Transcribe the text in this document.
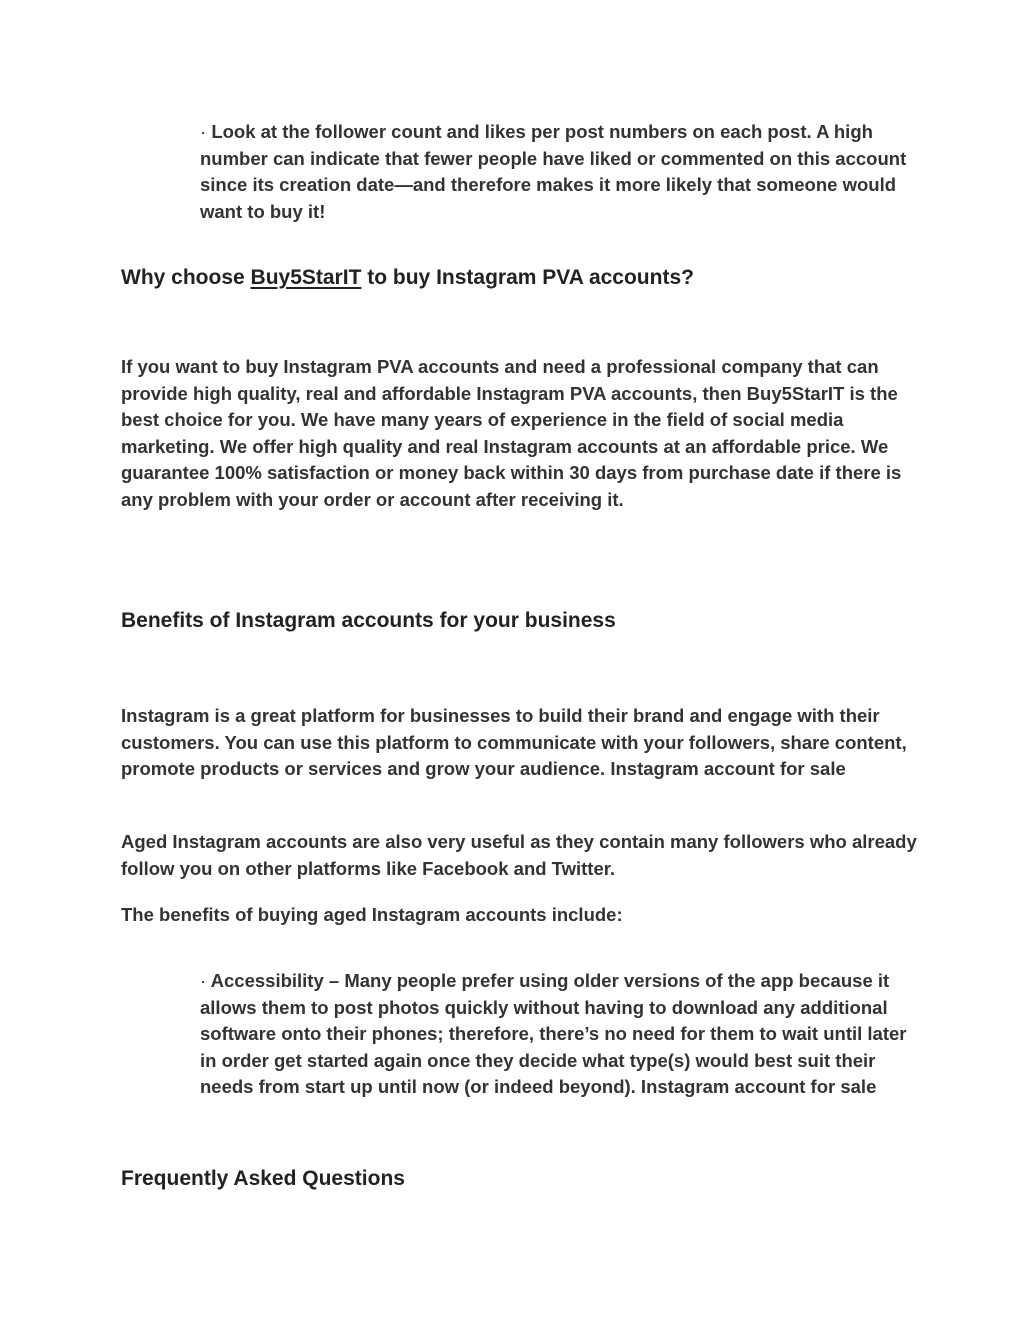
· Look at the follower count and likes per post numbers on each post. A high number can indicate that fewer people have liked or commented on this account since its creation date—and therefore makes it more likely that someone would want to buy it!

Why choose Buy5StarIT to buy Instagram PVA accounts?

If you want to buy Instagram PVA accounts and need a professional company that can provide high quality, real and affordable Instagram PVA accounts, then Buy5StarIT is the best choice for you. We have many years of experience in the field of social media marketing. We offer high quality and real Instagram accounts at an affordable price. We guarantee 100% satisfaction or money back within 30 days from purchase date if there is any problem with your order or account after receiving it.

Benefits of Instagram accounts for your business

Instagram is a great platform for businesses to build their brand and engage with their customers. You can use this platform to communicate with your followers, share content, promote products or services and grow your audience. Instagram account for sale

Aged Instagram accounts are also very useful as they contain many followers who already follow you on other platforms like Facebook and Twitter.

The benefits of buying aged Instagram accounts include:

· Accessibility – Many people prefer using older versions of the app because it allows them to post photos quickly without having to download any additional software onto their phones; therefore, there’s no need for them to wait until later in order get started again once they decide what type(s) would best suit their needs from start up until now (or indeed beyond). Instagram account for sale

Frequently Asked Questions
